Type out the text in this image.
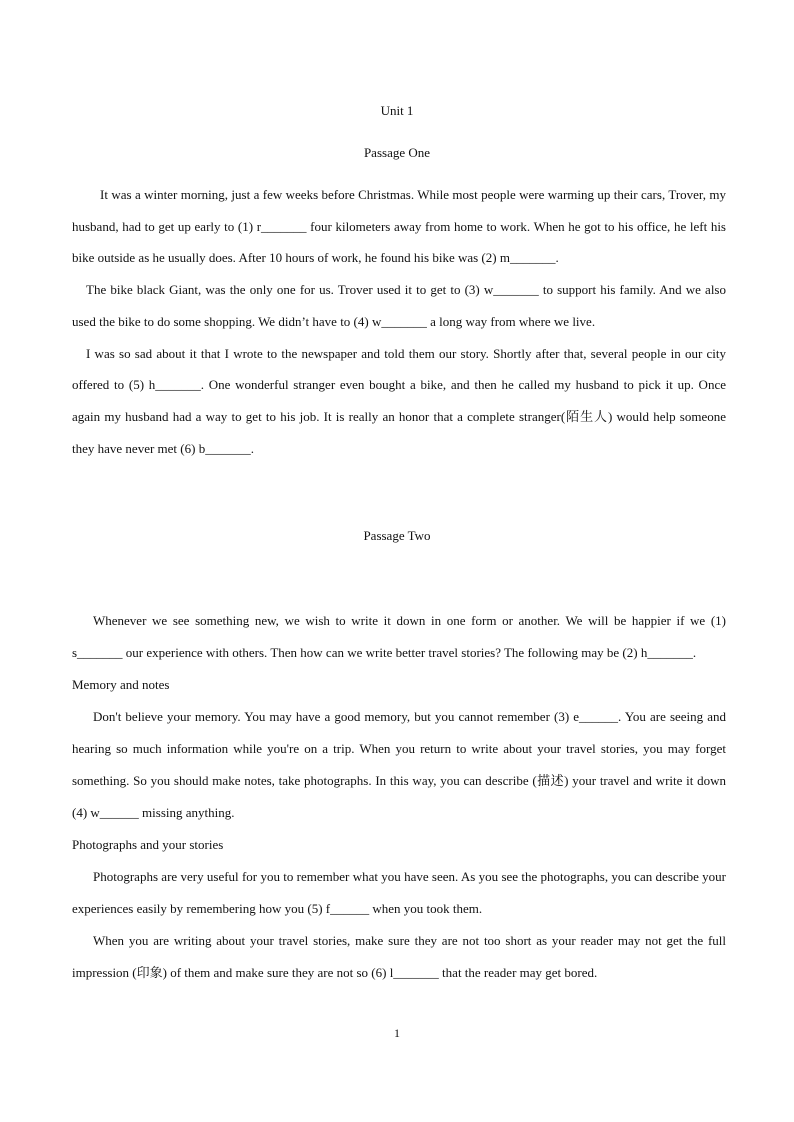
Unit 1
Passage One

It was a winter morning, just a few weeks before Christmas. While most people were warming up their cars, Trover, my husband, had to get up early to (1) r_______ four kilometers away from home to work. When he got to his office, he left his bike outside as he usually does. After 10 hours of work, he found his bike was (2) m_______.

The bike black Giant, was the only one for us. Trover used it to get to (3) w_______ to support his family. And we also used the bike to do some shopping. We didn’t have to (4) w_______ a long way from where we live.

I was so sad about it that I wrote to the newspaper and told them our story. Shortly after that, several people in our city offered to (5) h_______. One wonderful stranger even bought a bike, and then he called my husband to pick it up. Once again my husband had a way to get to his job. It is really an honor that a complete stranger(陌生人) would help someone they have never met (6) b_______.

Passage Two

Whenever we see something new, we wish to write it down in one form or another. We will be happier if we (1) s_______ our experience with others. Then how can we write better travel stories? The following may be (2) h_______.

Memory and notes

Don't believe your memory. You may have a good memory, but you cannot remember (3) e______. You are seeing and hearing so much information while you're on a trip. When you return to write about your travel stories, you may forget something. So you should make notes, take photographs. In this way, you can describe (描述) your travel and write it down (4) w______ missing anything.

Photographs and your stories

Photographs are very useful for you to remember what you have seen. As you see the photographs, you can describe your experiences easily by remembering how you (5) f______ when you took them.

When you are writing about your travel stories, make sure they are not too short as your reader may not get the full impression (印象) of them and make sure they are not so (6) l_______ that the reader may get bored.

1
